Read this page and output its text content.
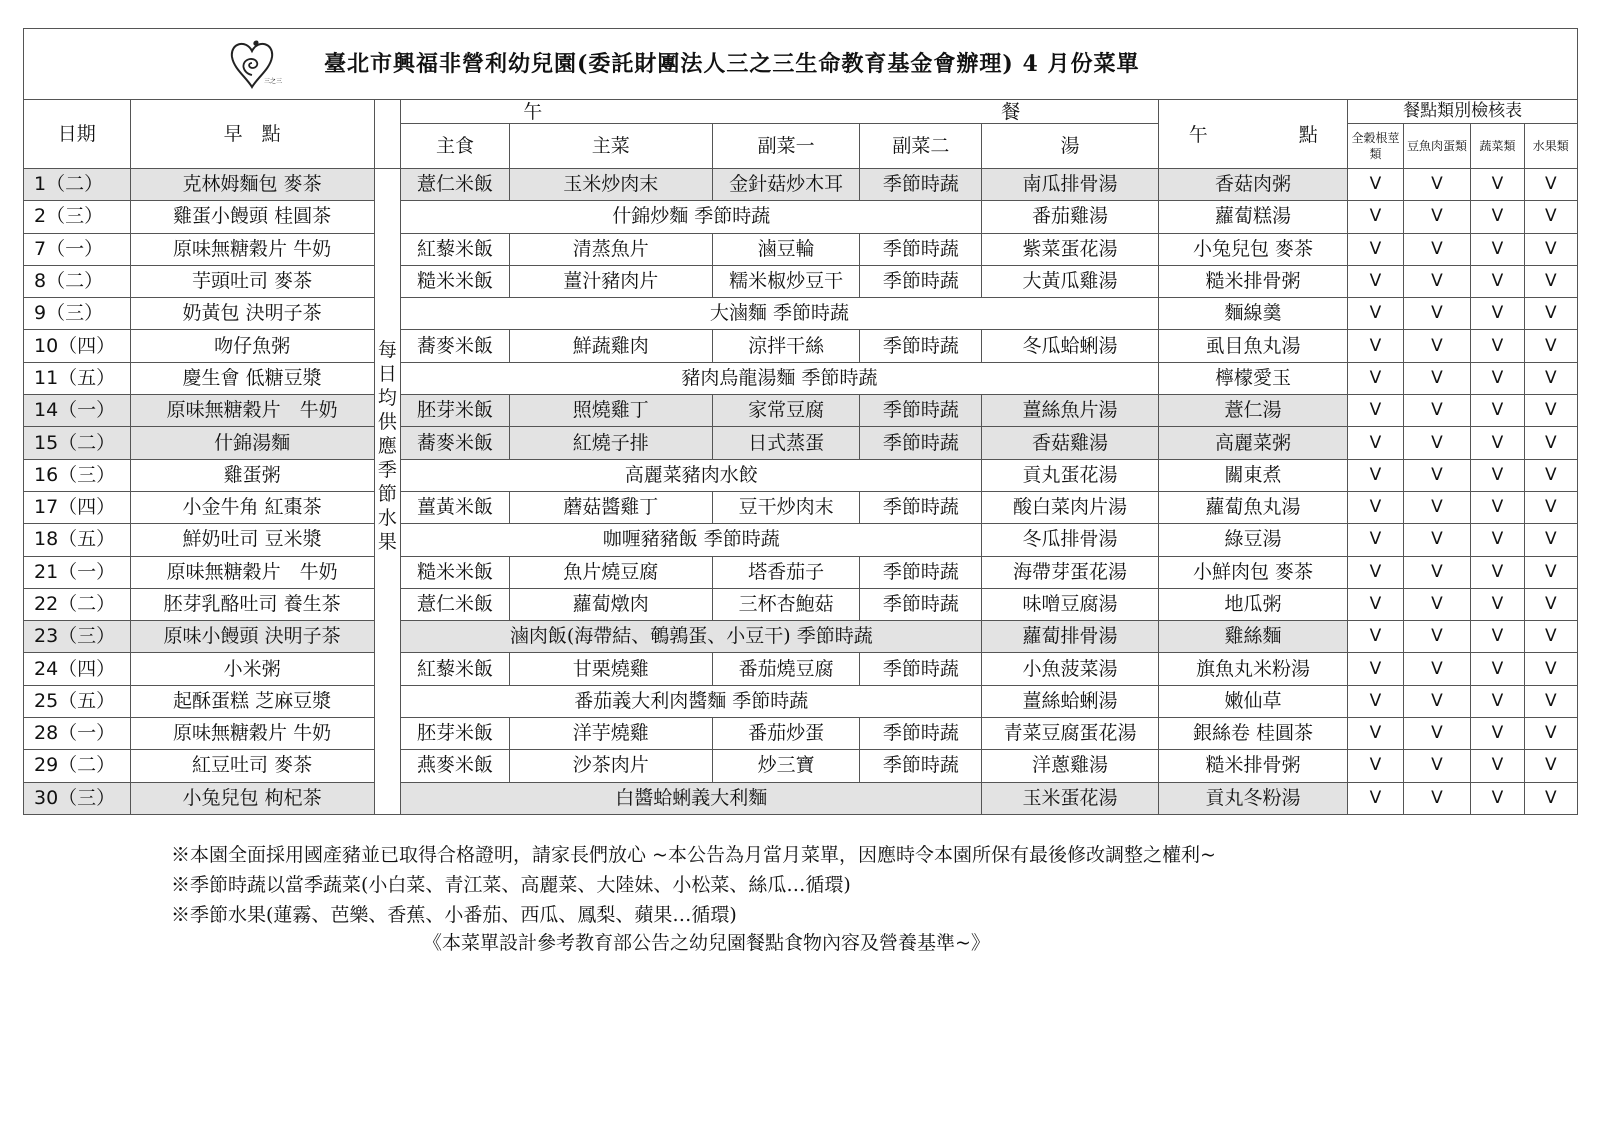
三之三
臺北市興福非營利幼兒園(委託財團法人三之三生命教育基金會辦理) 4 月份菜單
日期	早　點		午 餐					午 點	餐點類別檢核表			
			主食	主菜	副菜一	副菜二	湯		全穀根莖類	豆魚肉蛋類	蔬菜類	水果類
1（二）	克林姆麵包 麥茶	每日均供應季節水果	薏仁米飯	玉米炒肉末	金針菇炒木耳	季節時蔬	南瓜排骨湯	香菇肉粥	V	V	V	V
2（三）	雞蛋小饅頭 桂圓茶		什錦炒麵 季節時蔬				番茄雞湯	蘿蔔糕湯	V	V	V	V
7（一）	原味無糖穀片 牛奶		紅藜米飯	清蒸魚片	滷豆輪	季節時蔬	紫菜蛋花湯	小兔兒包 麥茶	V	V	V	V
8（二）	芋頭吐司 麥茶		糙米米飯	薑汁豬肉片	糯米椒炒豆干	季節時蔬	大黃瓜雞湯	糙米排骨粥	V	V	V	V
9（三）	奶黃包 決明子茶		大滷麵 季節時蔬					麵線羹	V	V	V	V
10（四）	吻仔魚粥		蕎麥米飯	鮮蔬雞肉	涼拌干絲	季節時蔬	冬瓜蛤蜊湯	虱目魚丸湯	V	V	V	V
11（五）	慶生會 低糖豆漿		豬肉烏龍湯麵 季節時蔬					檸檬愛玉	V	V	V	V
14（一）	原味無糖穀片　牛奶		胚芽米飯	照燒雞丁	家常豆腐	季節時蔬	薑絲魚片湯	薏仁湯	V	V	V	V
15（二）	什錦湯麵		蕎麥米飯	紅燒子排	日式蒸蛋	季節時蔬	香菇雞湯	高麗菜粥	V	V	V	V
16（三）	雞蛋粥		高麗菜豬肉水餃				貢丸蛋花湯	關東煮	V	V	V	V
17（四）	小金牛角 紅棗茶		薑黃米飯	蘑菇醬雞丁	豆干炒肉末	季節時蔬	酸白菜肉片湯	蘿蔔魚丸湯	V	V	V	V
18（五）	鮮奶吐司 豆米漿		咖喱豬豬飯 季節時蔬				冬瓜排骨湯	綠豆湯	V	V	V	V
21（一）	原味無糖穀片　牛奶		糙米米飯	魚片燒豆腐	塔香茄子	季節時蔬	海帶芽蛋花湯	小鮮肉包 麥茶	V	V	V	V
22（二）	胚芽乳酪吐司 養生茶		薏仁米飯	蘿蔔燉肉	三杯杏鮑菇	季節時蔬	味噌豆腐湯	地瓜粥	V	V	V	V
23（三）	原味小饅頭 決明子茶		滷肉飯(海帶結、鵪鶉蛋、小豆干) 季節時蔬				蘿蔔排骨湯	雞絲麵	V	V	V	V
24（四）	小米粥		紅藜米飯	甘栗燒雞	番茄燒豆腐	季節時蔬	小魚菠菜湯	旗魚丸米粉湯	V	V	V	V
25（五）	起酥蛋糕 芝麻豆漿		番茄義大利肉醬麵 季節時蔬				薑絲蛤蜊湯	嫩仙草	V	V	V	V
28（一）	原味無糖穀片 牛奶		胚芽米飯	洋芋燒雞	番茄炒蛋	季節時蔬	青菜豆腐蛋花湯	銀絲卷 桂圓茶	V	V	V	V
29（二）	紅豆吐司 麥茶		燕麥米飯	沙茶肉片	炒三寶	季節時蔬	洋蔥雞湯	糙米排骨粥	V	V	V	V
30（三）	小兔兒包 枸杞茶		白醬蛤蜊義大利麵				玉米蛋花湯	貢丸冬粉湯	V	V	V	V
※本園全面採用國產豬並已取得合格證明，請家長們放心 ~本公告為月當月菜單，因應時令本園所保有最後修改調整之權利~
※季節時蔬以當季蔬菜(小白菜、青江菜、高麗菜、大陸妹、小松菜、絲瓜…循環)
※季節水果(蓮霧、芭樂、香蕉、小番茄、西瓜、鳳梨、蘋果…循環)
《本菜單設計參考教育部公告之幼兒園餐點食物內容及營養基準~》
